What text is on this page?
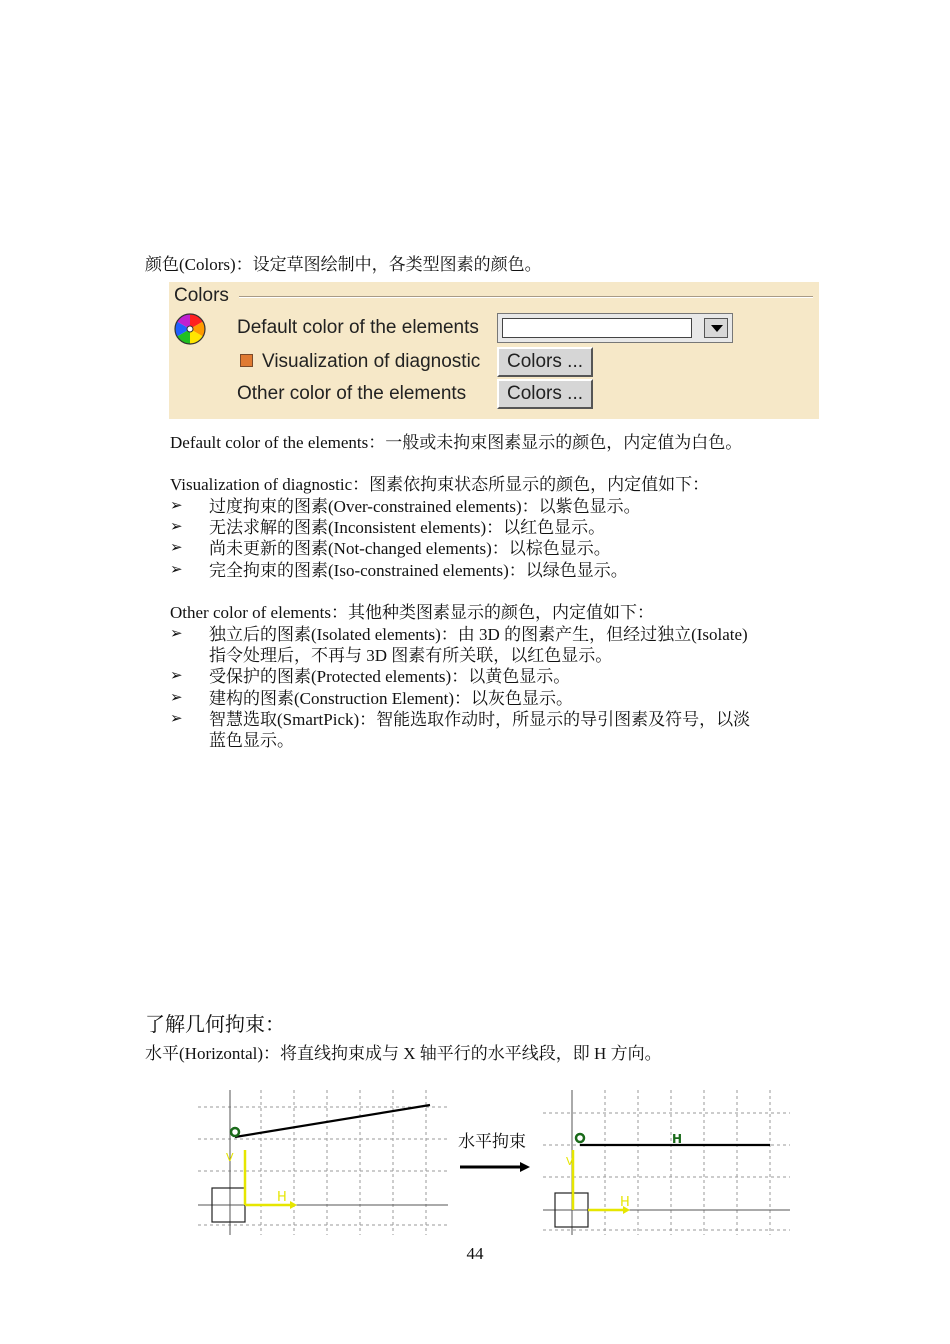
颜色(Colors)：设定草图绘制中，各类型图素的颜色。
Colors
Default color of the elements
Visualization of diagnostic	Colors ...
Other color of the elements	Colors ...
Default color of the elements：一般或未拘束图素显示的颜色，内定值为白色。
Visualization of diagnostic：图素依拘束状态所显示的颜色，内定值如下：
➢ 过度拘束的图素(Over-constrained elements)：以紫色显示。
➢ 无法求解的图素(Inconsistent elements)：以红色显示。
➢ 尚未更新的图素(Not-changed elements)：以棕色显示。
➢ 完全拘束的图素(Iso-constrained elements)：以绿色显示。
Other color of elements：其他种类图素显示的颜色，内定值如下：
➢ 独立后的图素(Isolated elements)：由 3D 的图素产生，但经过独立(Isolate)
指令处理后，不再与 3D 图素有所关联，以红色显示。
➢ 受保护的图素(Protected elements)：以黄色显示。
➢ 建构的图素(Construction Element)：以灰色显示。
➢ 智慧选取(SmartPick)：智能选取作动时，所显示的导引图素及符号，以淡
蓝色显示。
了解几何拘束：
水平(Horizontal)：将直线拘束成与 X 轴平行的水平线段，即 H 方向。
H
V
水平拘束
H
V
H
44
